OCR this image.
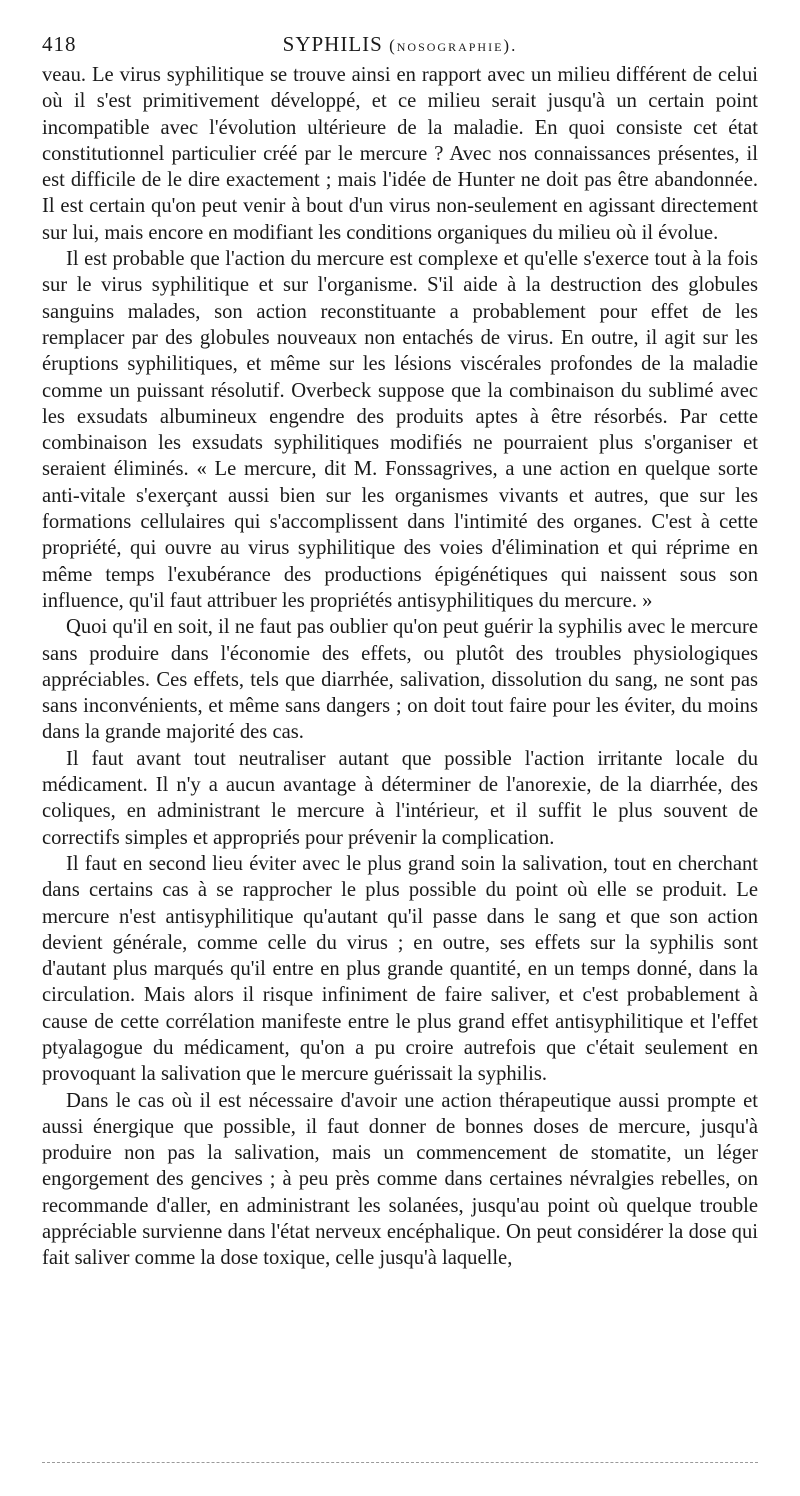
418	SYPHILIS (nosographie).

veau. Le virus syphilitique se trouve ainsi en rapport avec un milieu différent de celui où il s'est primitivement développé, et ce milieu serait jusqu'à un certain point incompatible avec l'évolution ultérieure de la maladie. En quoi consiste cet état constitutionnel particulier créé par le mercure ? Avec nos connaissances présentes, il est difficile de le dire exactement ; mais l'idée de Hunter ne doit pas être abandonnée. Il est certain qu'on peut venir à bout d'un virus non-seulement en agissant directement sur lui, mais encore en modifiant les conditions organiques du milieu où il évolue.

Il est probable que l'action du mercure est complexe et qu'elle s'exerce tout à la fois sur le virus syphilitique et sur l'organisme. S'il aide à la destruction des globules sanguins malades, son action reconstituante a probablement pour effet de les remplacer par des globules nouveaux non entachés de virus. En outre, il agit sur les éruptions syphilitiques, et même sur les lésions viscérales profondes de la maladie comme un puissant résolutif. Overbeck suppose que la combinaison du sublimé avec les exsudats albumineux engendre des produits aptes à être résorbés. Par cette combinaison les exsudats syphilitiques modifiés ne pourraient plus s'organiser et seraient éliminés. « Le mercure, dit M. Fonssagrives, a une action en quelque sorte anti-vitale s'exerçant aussi bien sur les organismes vivants et autres, que sur les formations cellulaires qui s'accomplissent dans l'intimité des organes. C'est à cette propriété, qui ouvre au virus syphilitique des voies d'élimination et qui réprime en même temps l'exubérance des productions épigénétiques qui naissent sous son influence, qu'il faut attribuer les propriétés antisyphilitiques du mercure. »

Quoi qu'il en soit, il ne faut pas oublier qu'on peut guérir la syphilis avec le mercure sans produire dans l'économie des effets, ou plutôt des troubles physiologiques appréciables. Ces effets, tels que diarrhée, salivation, dissolution du sang, ne sont pas sans inconvénients, et même sans dangers ; on doit tout faire pour les éviter, du moins dans la grande majorité des cas.

Il faut avant tout neutraliser autant que possible l'action irritante locale du médicament. Il n'y a aucun avantage à déterminer de l'anorexie, de la diarrhée, des coliques, en administrant le mercure à l'intérieur, et il suffit le plus souvent de correctifs simples et appropriés pour prévenir la complication.

Il faut en second lieu éviter avec le plus grand soin la salivation, tout en cherchant dans certains cas à se rapprocher le plus possible du point où elle se produit. Le mercure n'est antisyphilitique qu'autant qu'il passe dans le sang et que son action devient générale, comme celle du virus ; en outre, ses effets sur la syphilis sont d'autant plus marqués qu'il entre en plus grande quantité, en un temps donné, dans la circulation. Mais alors il risque infiniment de faire saliver, et c'est probablement à cause de cette corrélation manifeste entre le plus grand effet antisyphilitique et l'effet ptyalagogue du médicament, qu'on a pu croire autrefois que c'était seulement en provoquant la salivation que le mercure guérissait la syphilis.

Dans le cas où il est nécessaire d'avoir une action thérapeutique aussi prompte et aussi énergique que possible, il faut donner de bonnes doses de mercure, jusqu'à produire non pas la salivation, mais un commencement de stomatite, un léger engorgement des gencives ; à peu près comme dans certaines névralgies rebelles, on recommande d'aller, en administrant les solanées, jusqu'au point où quelque trouble appréciable survienne dans l'état nerveux encéphalique. On peut considérer la dose qui fait saliver comme la dose toxique, celle jusqu'à laquelle,
